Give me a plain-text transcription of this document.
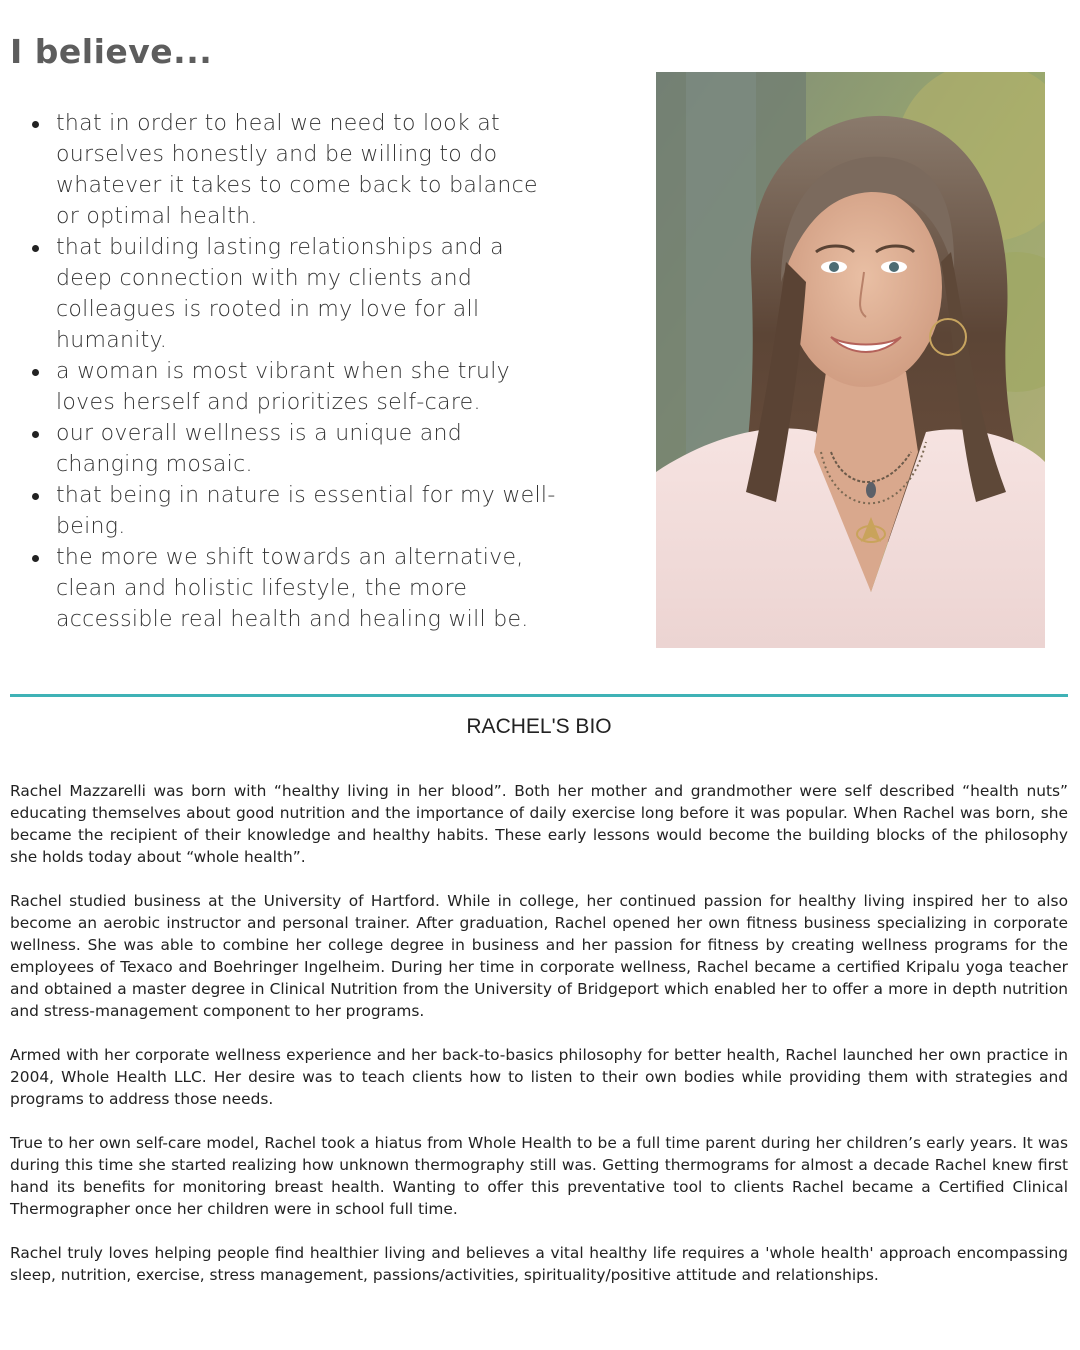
I believe...
that in order to heal we need to look at ourselves honestly and be willing to do whatever it takes to come back to balance or optimal health.
that building lasting relationships and a deep connection with my clients and colleagues is rooted in my love for all humanity.
a woman is most vibrant when she truly loves herself and prioritizes self-care.
our overall wellness is a unique and changing mosaic.
that being in nature is essential for my well-being.
the more we shift towards an alternative, clean and holistic lifestyle, the more accessible real health and healing will be.
RACHEL'S BIO

Rachel Mazzarelli was born with “healthy living in her blood”. Both her mother and grandmother were self described “health nuts” educating themselves about good nutrition and the importance of daily exercise long before it was popular. When Rachel was born, she became the recipient of their knowledge and healthy habits. These early lessons would become the building blocks of the philosophy she holds today about “whole health”.

Rachel studied business at the University of Hartford. While in college, her continued passion for healthy living inspired her to also become an aerobic instructor and personal trainer. After graduation, Rachel opened her own fitness business specializing in corporate wellness. She was able to combine her college degree in business and her passion for fitness by creating wellness programs for the employees of Texaco and Boehringer Ingelheim. During her time in corporate wellness, Rachel became a certified Kripalu yoga teacher and obtained a master degree in Clinical Nutrition from the University of Bridgeport which enabled her to offer a more in depth nutrition and stress-management component to her programs.

Armed with her corporate wellness experience and her back-to-basics philosophy for better health, Rachel launched her own practice in 2004, Whole Health LLC. Her desire was to teach clients how to listen to their own bodies while providing them with strategies and programs to address those needs.

True to her own self-care model, Rachel took a hiatus from Whole Health to be a full time parent during her children’s early years. It was during this time she started realizing how unknown thermography still was. Getting thermograms for almost a decade Rachel knew first hand its benefits for monitoring breast health. Wanting to offer this preventative tool to clients Rachel became a Certified Clinical Thermographer once her children were in school full time.

Rachel truly loves helping people find healthier living and believes a vital healthy life requires a 'whole health' approach encompassing sleep, nutrition, exercise, stress management, passions/activities, spirituality/positive attitude and relationships.
